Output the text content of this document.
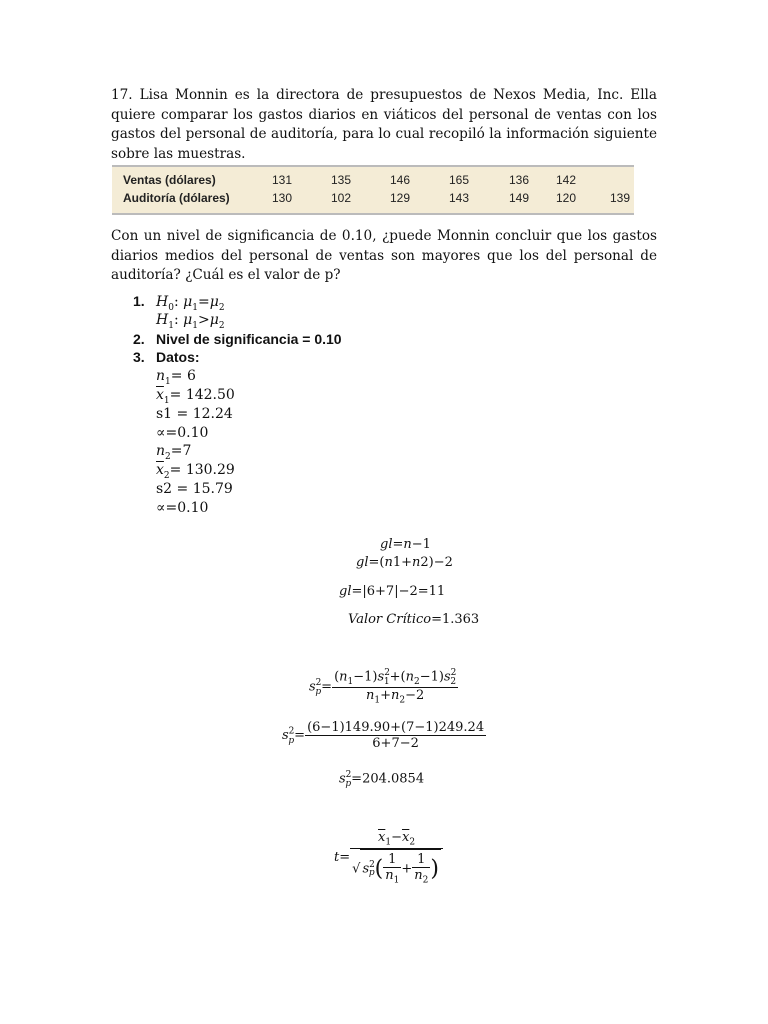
17. Lisa Monnin es la directora de presupuestos de Nexos Media, Inc. Ella quiere comparar los gastos diarios en viáticos del personal de ventas con los gastos del personal de auditoría, para lo cual recopiló la información siguiente sobre las muestras.
Ventas (dólares)	131	135	146	165	136	142
Auditoría (dólares)	130	102	129	143	149	120	139
Con un nivel de significancia de 0.10, ¿puede Monnin concluir que los gastos diarios medios del personal de ventas son mayores que los del personal de auditoría? ¿Cuál es el valor de p?
1. $H_0$: $\mu_1=\mu_2$
$H_1$: $\mu_1>\mu_2$
2. Nivel de significancia = 0.10
3. Datos:
$n_1= 6$
$\overline{x}_1= 142.50$
s1 = 12.24
∝=0.10
$n_2=7$
$\overline{x}_2= 130.29$
s2 = 15.79
∝=0.10
gl=n−1
gl=(n1+n2)−2
gl=|6+7|−2=11
Valor Crítico=1.363
$s^2_p= \frac{(n_1-1)s^2_1+(n_2-1)s^2_2}{n_1+n_2-2}$
$s^2_p= \frac{(6-1)149.90+(7-1)249.24}{6+7-2}$
$s^2_p=204.0854$
$t= \frac{\overline{x}_1-\overline{x}_2}{√ s^2_p( \frac{1}{n_1} + \frac{1}{n_2} )}$
